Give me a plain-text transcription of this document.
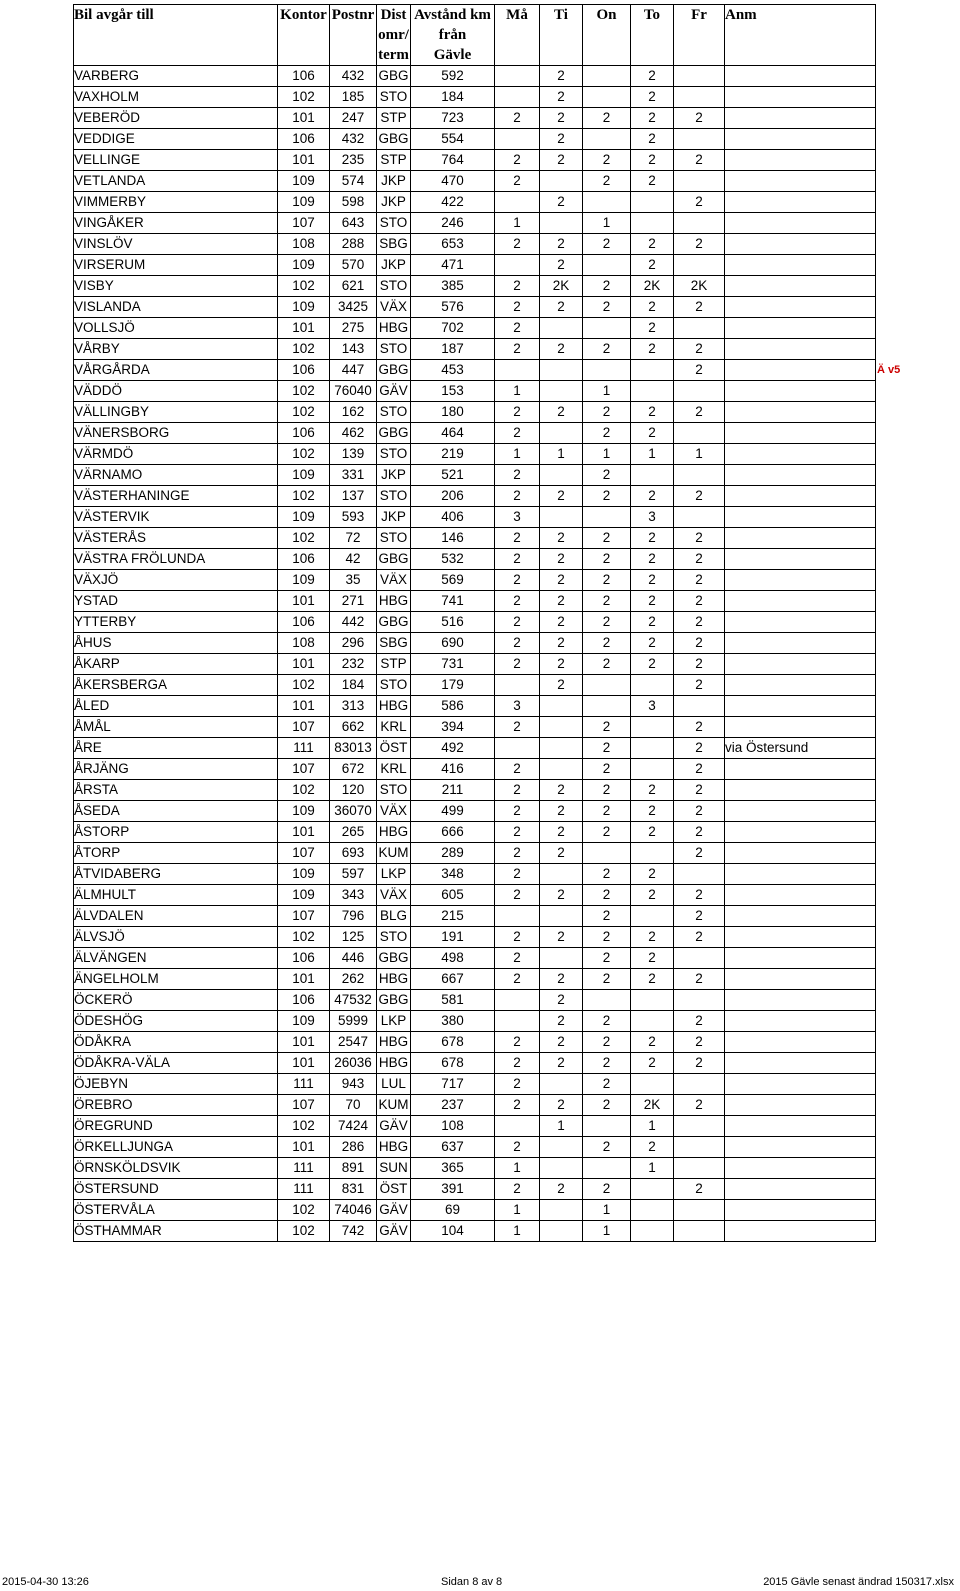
Bil avgår till	Kontor	Postnr	Dist
omr/
term	Avstånd km
från
Gävle	Må	Ti	On	To	Fr	Anm
VARBERG	106	432	GBG	592		2		2		
VAXHOLM	102	185	STO	184		2		2		
VEBERÖD	101	247	STP	723	2	2	2	2	2	
VEDDIGE	106	432	GBG	554		2		2		
VELLINGE	101	235	STP	764	2	2	2	2	2	
VETLANDA	109	574	JKP	470	2		2	2		
VIMMERBY	109	598	JKP	422		2			2	
VINGÅKER	107	643	STO	246	1		1			
VINSLÖV	108	288	SBG	653	2	2	2	2	2	
VIRSERUM	109	570	JKP	471		2		2		
VISBY	102	621	STO	385	2	2K	2	2K	2K	
VISLANDA	109	3425	VÄX	576	2	2	2	2	2	
VOLLSJÖ	101	275	HBG	702	2			2		
VÅRBY	102	143	STO	187	2	2	2	2	2	
VÅRGÅRDA	106	447	GBG	453					2	
VÄDDÖ	102	76040	GÄV	153	1		1			
VÄLLINGBY	102	162	STO	180	2	2	2	2	2	
VÄNERSBORG	106	462	GBG	464	2		2	2		
VÄRMDÖ	102	139	STO	219	1	1	1	1	1	
VÄRNAMO	109	331	JKP	521	2		2			
VÄSTERHANINGE	102	137	STO	206	2	2	2	2	2	
VÄSTERVIK	109	593	JKP	406	3			3		
VÄSTERÅS	102	72	STO	146	2	2	2	2	2	
VÄSTRA FRÖLUNDA	106	42	GBG	532	2	2	2	2	2	
VÄXJÖ	109	35	VÄX	569	2	2	2	2	2	
YSTAD	101	271	HBG	741	2	2	2	2	2	
YTTERBY	106	442	GBG	516	2	2	2	2	2	
ÅHUS	108	296	SBG	690	2	2	2	2	2	
ÅKARP	101	232	STP	731	2	2	2	2	2	
ÅKERSBERGA	102	184	STO	179		2			2	
ÅLED	101	313	HBG	586	3			3		
ÅMÅL	107	662	KRL	394	2		2		2	
ÅRE	111	83013	ÖST	492			2		2	via Östersund
ÅRJÄNG	107	672	KRL	416	2		2		2	
ÅRSTA	102	120	STO	211	2	2	2	2	2	
ÅSEDA	109	36070	VÄX	499	2	2	2	2	2	
ÅSTORP	101	265	HBG	666	2	2	2	2	2	
ÅTORP	107	693	KUM	289	2	2			2	
ÅTVIDABERG	109	597	LKP	348	2		2	2		
ÄLMHULT	109	343	VÄX	605	2	2	2	2	2	
ÄLVDALEN	107	796	BLG	215			2		2	
ÄLVSJÖ	102	125	STO	191	2	2	2	2	2	
ÄLVÄNGEN	106	446	GBG	498	2		2	2		
ÄNGELHOLM	101	262	HBG	667	2	2	2	2	2	
ÖCKERÖ	106	47532	GBG	581		2				
ÖDESHÖG	109	5999	LKP	380		2	2		2	
ÖDÅKRA	101	2547	HBG	678	2	2	2	2	2	
ÖDÅKRA-VÄLA	101	26036	HBG	678	2	2	2	2	2	
ÖJEBYN	111	943	LUL	717	2		2			
ÖREBRO	107	70	KUM	237	2	2	2	2K	2	
ÖREGRUND	102	7424	GÄV	108		1		1		
ÖRKELLJUNGA	101	286	HBG	637	2		2	2		
ÖRNSKÖLDSVIK	111	891	SUN	365	1			1		
ÖSTERSUND	111	831	ÖST	391	2	2	2		2	
ÖSTERVÅLA	102	74046	GÄV	69	1		1			
ÖSTHAMMAR	102	742	GÄV	104	1		1			
Ä v5
2015-04-30 13:26	Sidan 8 av 8	2015 Gävle senast ändrad 150317.xlsx
